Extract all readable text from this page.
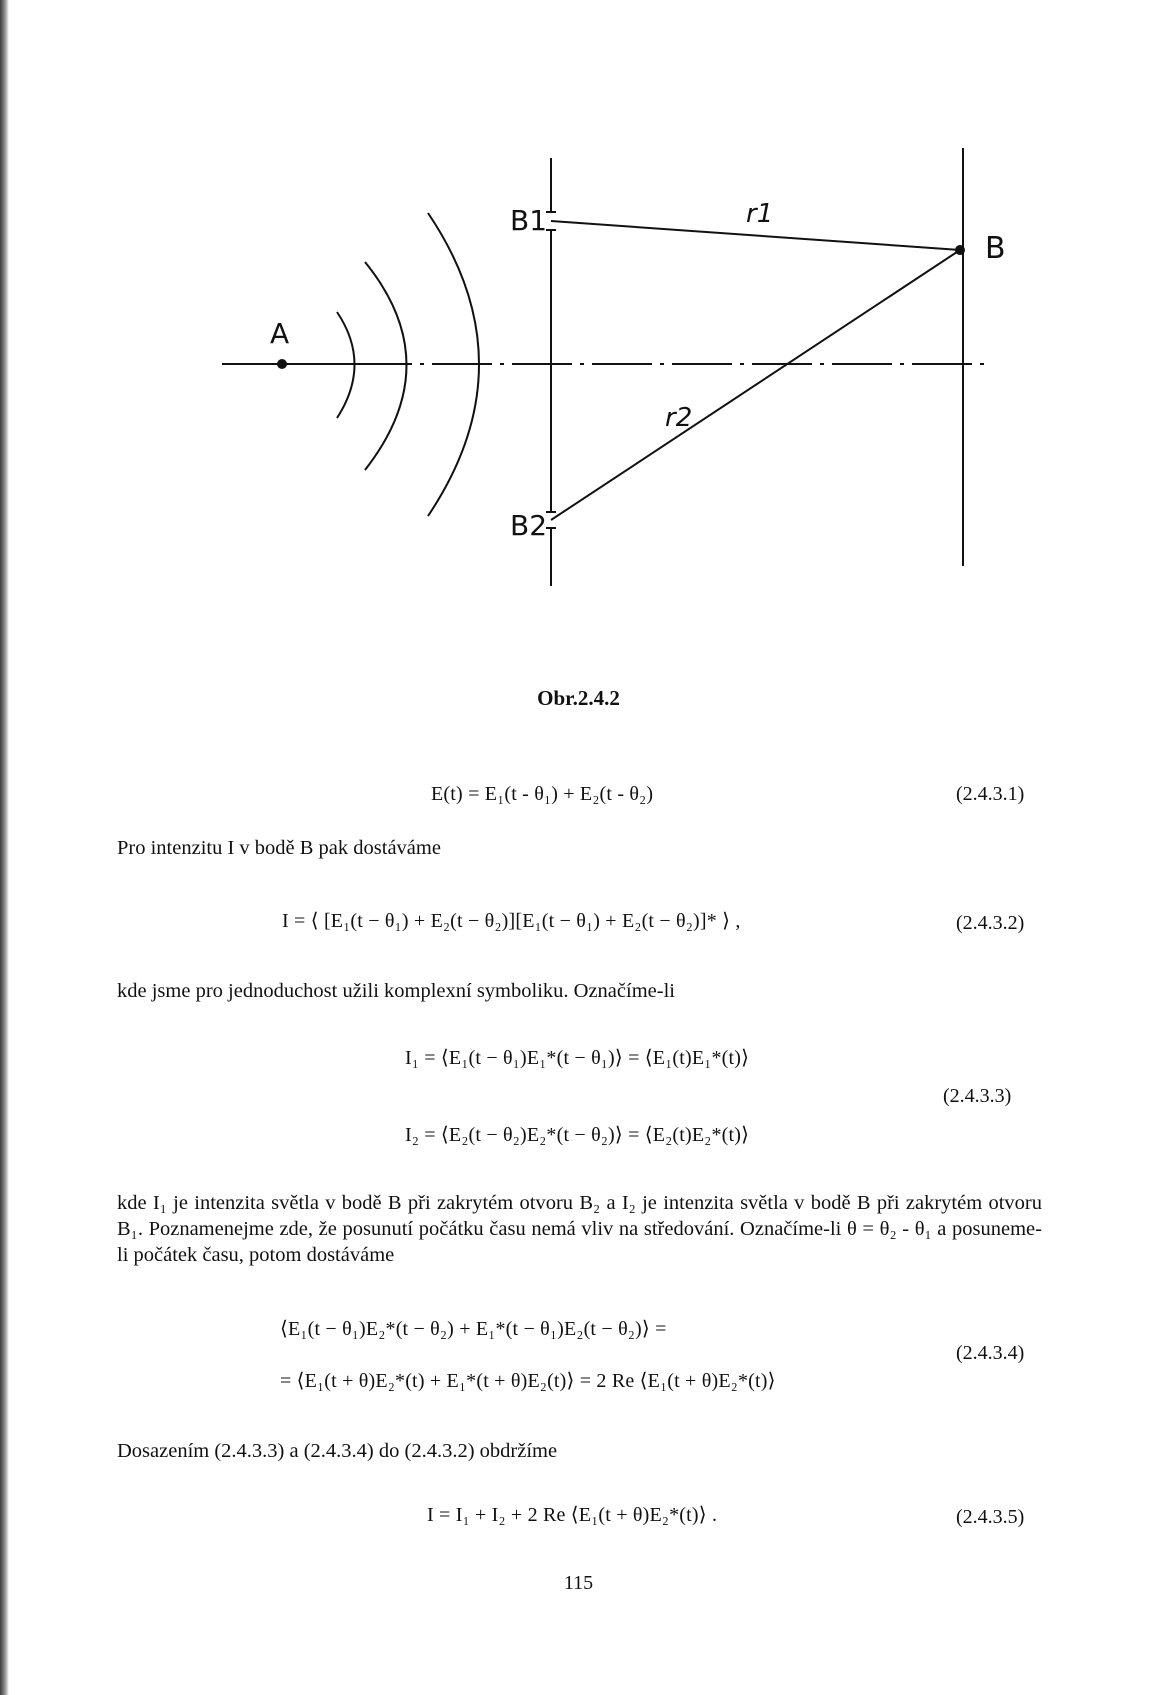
A
B1
B2
B
r1
r2
Obr.2.4.2
E(t) = E₁(t - θ₁) + E₂(t - θ₂)	(2.4.3.1)
Pro intenzitu I v bodě B pak dostáváme
I = ⟨ [E₁(t − θ₁) + E₂(t − θ₂)][E₁(t − θ₁) + E₂(t − θ₂)]* ⟩ ,	(2.4.3.2)
kde jsme pro jednoduchost užili komplexní symboliku. Označíme-li
I₁ = ⟨E₁(t − θ₁)E₁*(t − θ₁)⟩ = ⟨E₁(t)E₁*(t)⟩
I₂ = ⟨E₂(t − θ₂)E₂*(t − θ₂)⟩ = ⟨E₂(t)E₂*(t)⟩
(2.4.3.3)
kde I₁ je intenzita světla v bodě B při zakrytém otvoru B₂ a I₂ je intenzita světla v bodě B při zakrytém otvoru B₁. Poznamenejme zde, že posunutí počátku času nemá vliv na středování. Označíme-li θ = θ₂ - θ₁ a posuneme-li počátek času, potom dostáváme
⟨E₁(t − θ₁)E₂*(t − θ₂) + E₁*(t − θ₁)E₂(t − θ₂)⟩ =
= ⟨E₁(t + θ)E₂*(t) + E₁*(t + θ)E₂(t)⟩ = 2 Re ⟨E₁(t + θ)E₂*(t)⟩
(2.4.3.4)
Dosazením (2.4.3.3) a (2.4.3.4) do (2.4.3.2) obdržíme
I = I₁ + I₂ + 2 Re ⟨E₁(t + θ)E₂*(t)⟩ .	(2.4.3.5)
115
